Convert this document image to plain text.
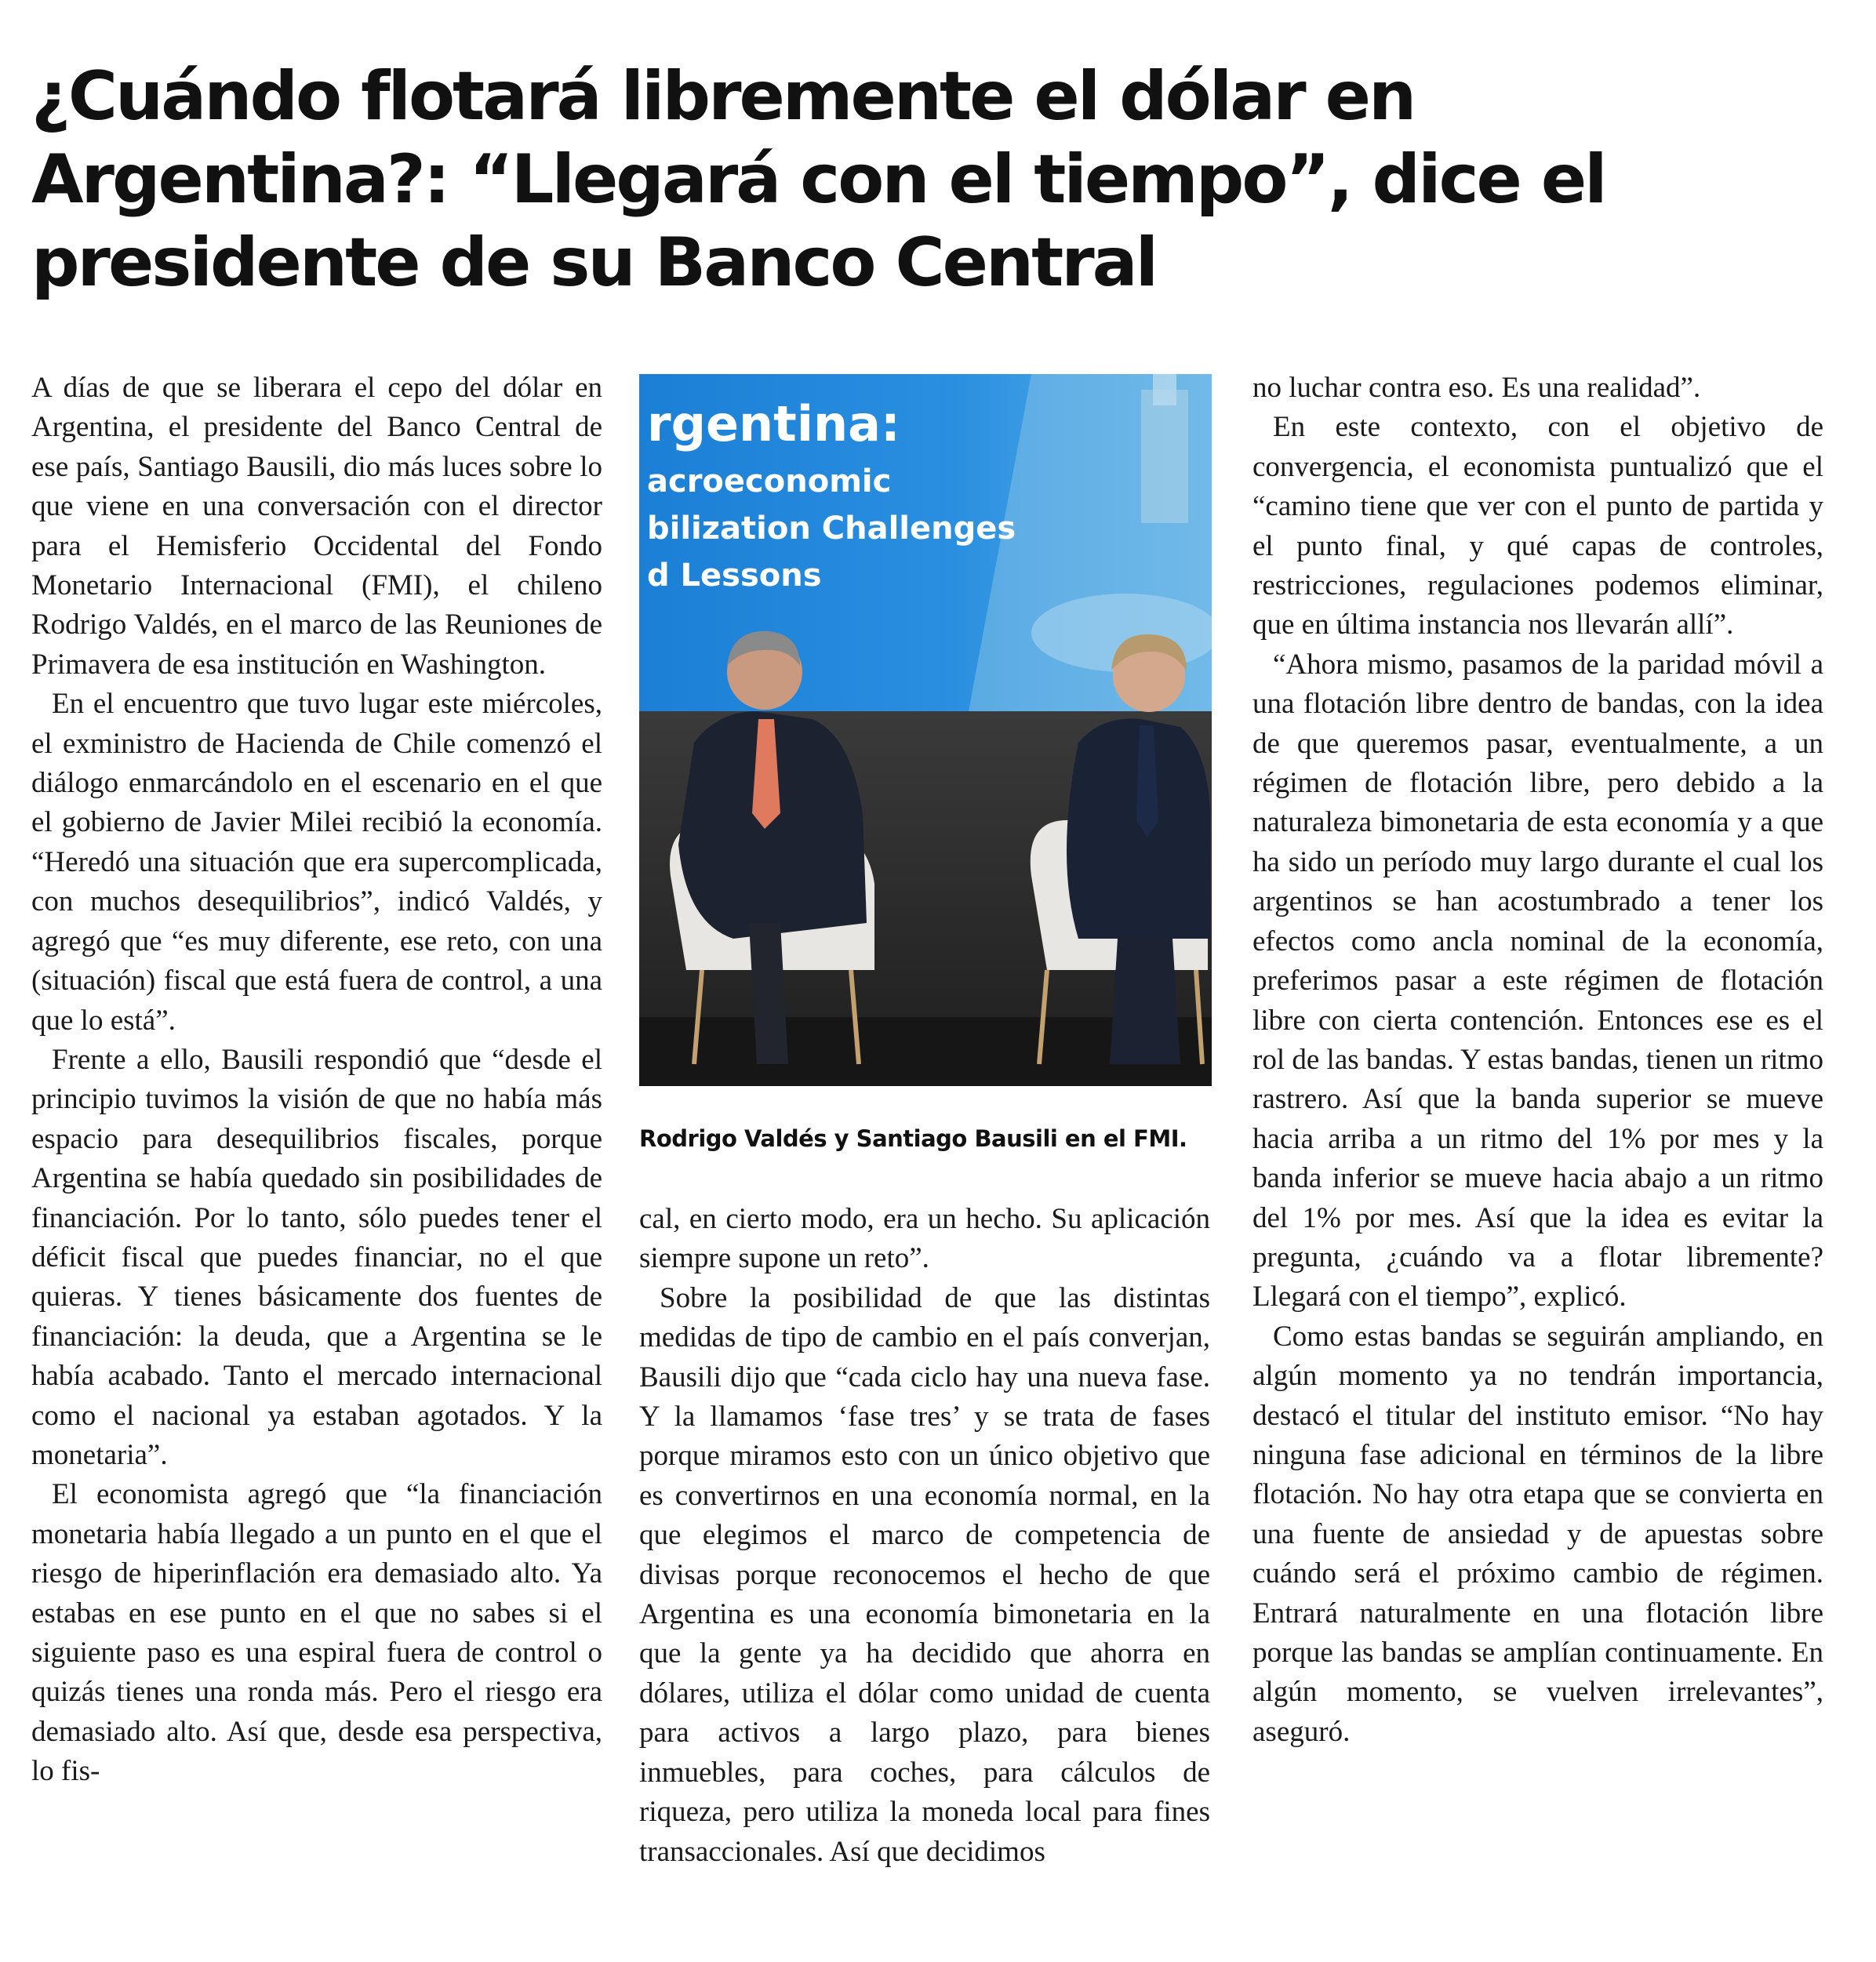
¿Cuándo flotará libremente el dólar en Argentina?: “Llegará con el tiempo”, dice el presidente de su Banco Central

A días de que se liberara el cepo del dólar en Argentina, el presidente del Banco Central de ese país, Santiago Bausili, dio más luces sobre lo que viene en una conversación con el director para el Hemisferio Occidental del Fondo Monetario Internacional (FMI), el chileno Rodrigo Valdés, en el marco de las Reuniones de Primavera de esa institución en Washington.

En el encuentro que tuvo lugar este miércoles, el exministro de Hacienda de Chile comenzó el diálogo enmarcándolo en el escenario en el que el gobierno de Javier Milei recibió la economía. “Heredó una situación que era supercomplicada, con muchos desequilibrios”, indicó Valdés, y agregó que “es muy diferente, ese reto, con una (situación) fiscal que está fuera de control, a una que lo está”.

Frente a ello, Bausili respondió que “desde el principio tuvimos la visión de que no había más espacio para desequilibrios fiscales, porque Argentina se había quedado sin posibilidades de financiación. Por lo tanto, sólo puedes tener el déficit fiscal que puedes financiar, no el que quieras. Y tienes básicamente dos fuentes de financiación: la deuda, que a Argentina se le había acabado. Tanto el mercado internacional como el nacional ya estaban agotados. Y la monetaria”.

El economista agregó que “la financiación monetaria había llegado a un punto en el que el riesgo de hiperinflación era demasiado alto. Ya estabas en ese punto en el que no sabes si el siguiente paso es una espiral fuera de control o quizás tienes una ronda más. Pero el riesgo era demasiado alto. Así que, desde esa perspectiva, lo fis-

rgentina:
acroeconomic
bilization Challenges
d Lessons
Rodrigo Valdés y Santiago Bausili en el FMI.

cal, en cierto modo, era un hecho. Su aplicación siempre supone un reto”.

Sobre la posibilidad de que las distintas medidas de tipo de cambio en el país converjan, Bausili dijo que “cada ciclo hay una nueva fase. Y la llamamos ‘fase tres’ y se trata de fases porque miramos esto con un único objetivo que es convertirnos en una economía normal, en la que elegimos el marco de competencia de divisas porque reconocemos el hecho de que Argentina es una economía bimonetaria en la que la gente ya ha decidido que ahorra en dólares, utiliza el dólar como unidad de cuenta para activos a largo plazo, para bienes inmuebles, para coches, para cálculos de riqueza, pero utiliza la moneda local para fines transaccionales. Así que decidimos

no luchar contra eso. Es una realidad”.

En este contexto, con el objetivo de convergencia, el economista puntualizó que el “camino tiene que ver con el punto de partida y el punto final, y qué capas de controles, restricciones, regulaciones podemos eliminar, que en última instancia nos llevarán allí”.

“Ahora mismo, pasamos de la paridad móvil a una flotación libre dentro de bandas, con la idea de que queremos pasar, eventualmente, a un régimen de flotación libre, pero debido a la naturaleza bimonetaria de esta economía y a que ha sido un período muy largo durante el cual los argentinos se han acostumbrado a tener los efectos como ancla nominal de la economía, preferimos pasar a este régimen de flotación libre con cierta contención. Entonces ese es el rol de las bandas. Y estas bandas, tienen un ritmo rastrero. Así que la banda superior se mueve hacia arriba a un ritmo del 1% por mes y la banda inferior se mueve hacia abajo a un ritmo del 1% por mes. Así que la idea es evitar la pregunta, ¿cuándo va a flotar libremente? Llegará con el tiempo”, explicó.

Como estas bandas se seguirán ampliando, en algún momento ya no tendrán importancia, destacó el titular del instituto emisor. “No hay ninguna fase adicional en términos de la libre flotación. No hay otra etapa que se convierta en una fuente de ansiedad y de apuestas sobre cuándo será el próximo cambio de régimen. Entrará naturalmente en una flotación libre porque las bandas se amplían continuamente. En algún momento, se vuelven irrelevantes”, aseguró.
